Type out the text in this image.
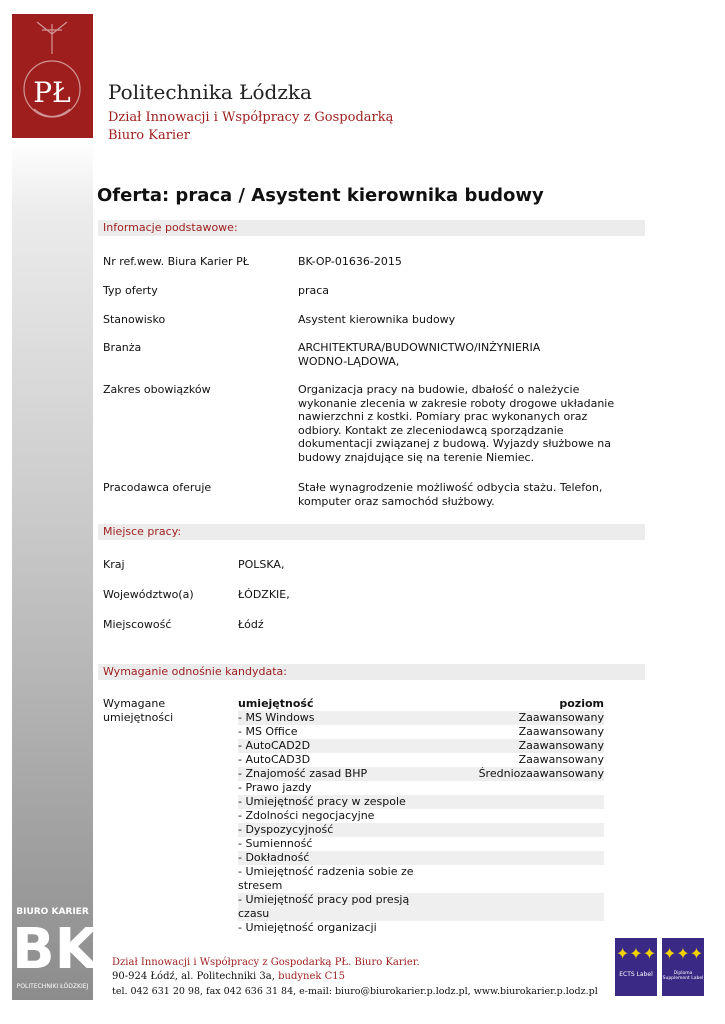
PŁ Politechnika Łódzka
Dział Innowacji i Współpracy z Gospodarką
Biuro Karier
BIURO KARIER
BK
POLITECHNIKI ŁÓDZKIEJ
Oferta: praca / Asystent kierownika budowy
Informacje podstawowe:
Nr ref.wew. Biura Karier PŁ	BK-OP-01636-2015
Typ oferty	praca
Stanowisko	Asystent kierownika budowy
Branża	ARCHITEKTURA/BUDOWNICTWO/INŻYNIERIA WODNO-LĄDOWA,
Zakres obowiązków	Organizacja pracy na budowie, dbałość o należycie wykonanie zlecenia w zakresie roboty drogowe układanie nawierzchni z kostki. Pomiary prac wykonanych oraz odbiory. Kontakt ze zleceniodawcą sporządzanie dokumentacji związanej z budową. Wyjazdy służbowe na budowy znajdujące się na terenie Niemiec.
Pracodawca oferuje	Stałe wynagrodzenie możliwość odbycia stażu. Telefon, komputer oraz samochód służbowy.
Miejsce pracy:
Kraj	POLSKA,
Województwo(a)	ŁÓDZKIE,
Miejscowość	Łódź
Wymaganie odnośnie kandydata:
Wymagane umiejętności
umiejętność	poziom
- MS Windows	Zaawansowany
- MS Office	Zaawansowany
- AutoCAD2D	Zaawansowany
- AutoCAD3D	Zaawansowany
- Znajomość zasad BHP	Średniozaawansowany
- Prawo jazdy
- Umiejętność pracy w zespole
- Zdolności negocjacyjne
- Dyspozycyjność
- Sumienność
- Dokładność
- Umiejętność radzenia sobie ze stresem
- Umiejętność pracy pod presją czasu
- Umiejętność organizacji
Dział Innowacji i Współpracy z Gospodarką PŁ. Biuro Karier.
90-924 Łódź, al. Politechniki 3a, budynek C15
tel. 042 631 20 98, fax 042 636 31 84, e-mail: biuro@biurokarier.p.lodz.pl, www.biurokarier.p.lodz.pl
✦✦✦
ECTS Label
✦✦✦
Diploma Supplement Label
